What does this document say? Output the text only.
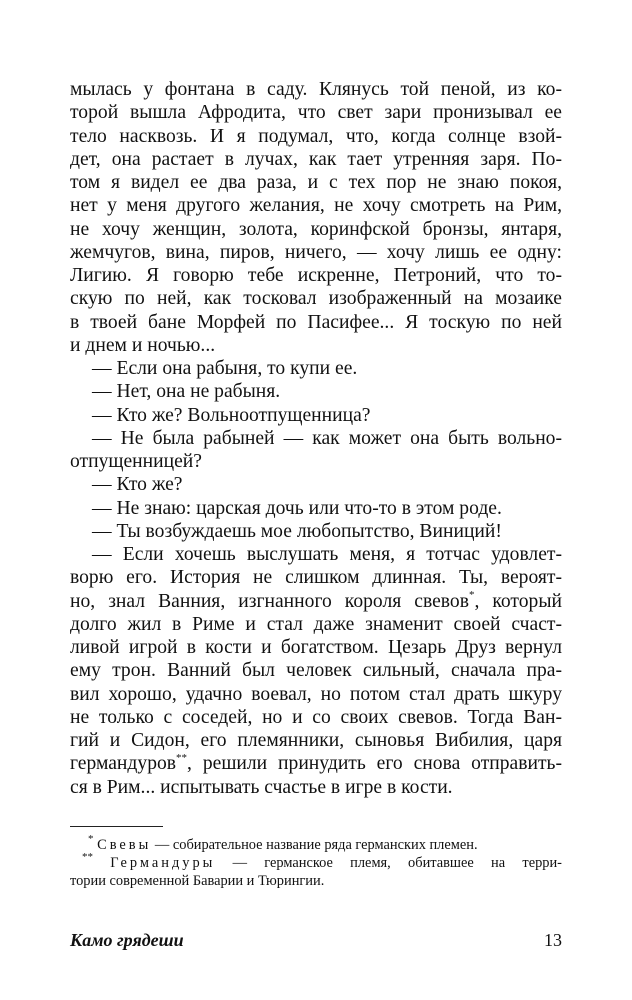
мылась у фонтана в саду. Клянусь той пеной, из ко-
торой вышла Афродита, что свет зари пронизывал ее
тело насквозь. И я подумал, что, когда солнце взой-
дет, она растает в лучах, как тает утренняя заря. По-
том я видел ее два раза, и с тех пор не знаю покоя,
нет у меня другого желания, не хочу смотреть на Рим,
не хочу женщин, золота, коринфской бронзы, янтаря,
жемчугов, вина, пиров, ничего, — хочу лишь ее одну:
Лигию. Я говорю тебе искренне, Петроний, что то-
скую по ней, как тосковал изображенный на мозаике
в твоей бане Морфей по Пасифее... Я тоскую по ней
и днем и ночью...
— Если она рабыня, то купи ее.
— Нет, она не рабыня.
— Кто же? Вольноотпущенница?
— Не была рабыней — как может она быть вольно-
отпущенницей?
— Кто же?
— Не знаю: царская дочь или что-то в этом роде.
— Ты возбуждаешь мое любопытство, Виниций!
— Если хочешь выслушать меня, я тотчас удовлет-
ворю его. История не слишком длинная. Ты, вероят-
но, знал Ванния, изгнанного короля свевов*, который
долго жил в Риме и стал даже знаменит своей счаст-
ливой игрой в кости и богатством. Цезарь Друз вернул
ему трон. Ванний был человек сильный, сначала пра-
вил хорошо, удачно воевал, но потом стал драть шкуру
не только с соседей, но и со своих свевов. Тогда Ван-
гий и Сидон, его племянники, сыновья Вибилия, царя
германдуров**, решили принудить его снова отправить-
ся в Рим... испытывать счастье в игре в кости.
* Свевы — собирательное название ряда германских племен.
** Германдуры — германское племя, обитавшее на терри-
тории современной Баварии и Тюрингии.
Камо грядеши	13
